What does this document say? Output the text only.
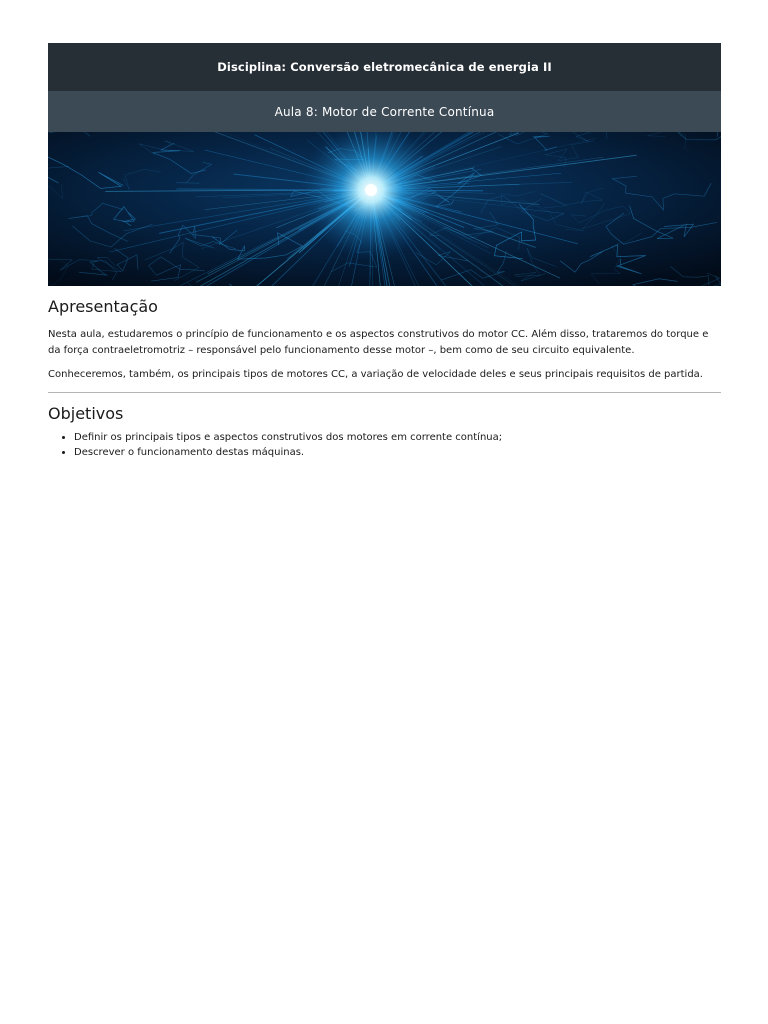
Disciplina: Conversão eletromecânica de energia II
Aula 8: Motor de Corrente Contínua
Apresentação

Nesta aula, estudaremos o princípio de funcionamento e os aspectos construtivos do motor CC. Além disso, trataremos do torque e da força contraeletromotriz – responsável pelo funcionamento desse motor –, bem como de seu circuito equivalente.

Conheceremos, também, os principais tipos de motores CC, a variação de velocidade deles e seus principais requisitos de partida.

Objetivos
• Definir os principais tipos e aspectos construtivos dos motores em corrente contínua;
• Descrever o funcionamento destas máquinas.
